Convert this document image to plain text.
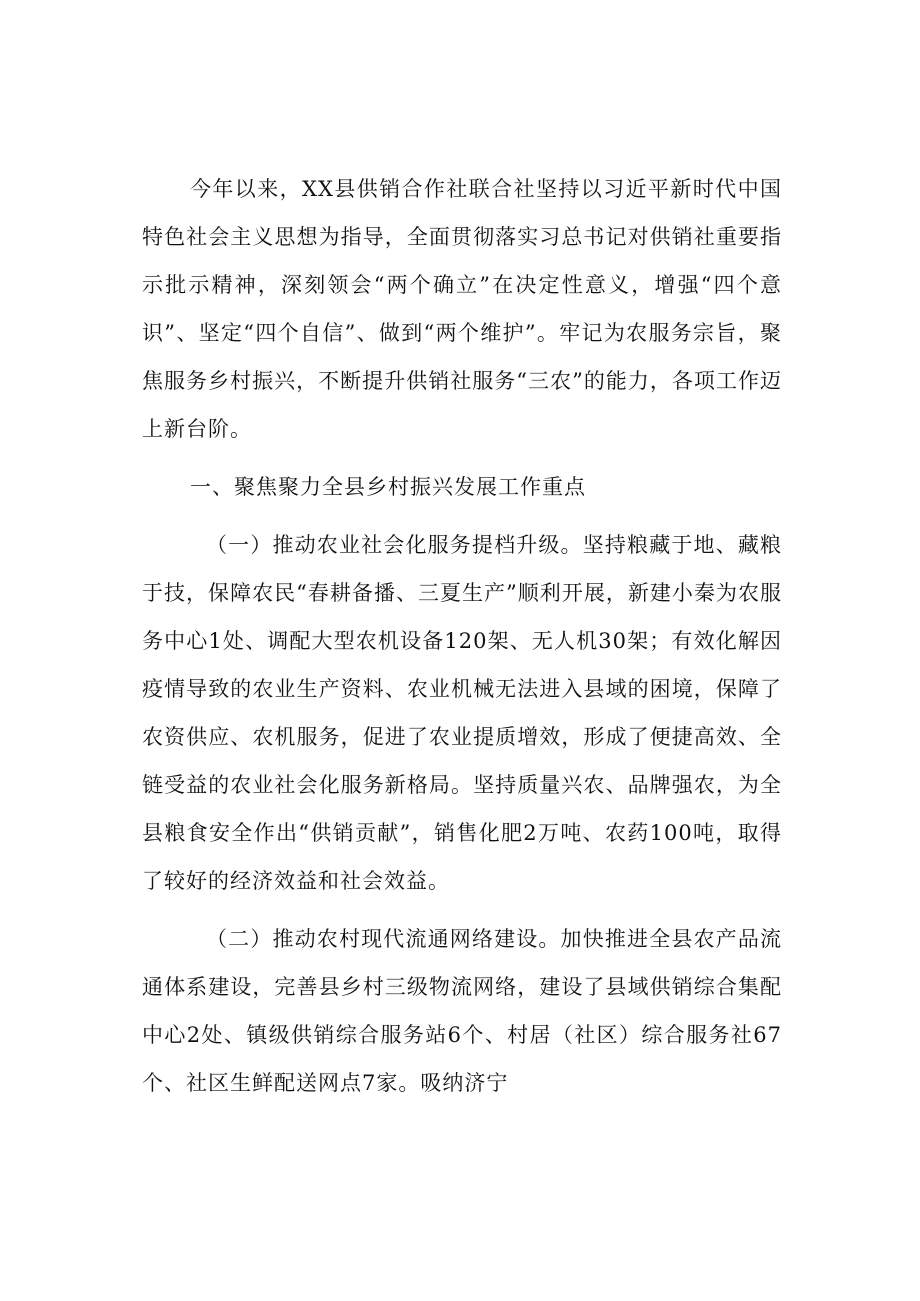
今年以来，XX县供销合作社联合社坚持以习近平新时代中国特色社会主义思想为指导，全面贯彻落实习总书记对供销社重要指示批示精神，深刻领会“两个确立”在决定性意义，增强“四个意识”、坚定“四个自信”、做到“两个维护”。牢记为农服务宗旨，聚焦服务乡村振兴，不断提升供销社服务“三农”的能力，各项工作迈上新台阶。

一、聚焦聚力全县乡村振兴发展工作重点

（一）推动农业社会化服务提档升级。坚持粮藏于地、藏粮于技，保障农民“春耕备播、三夏生产”顺利开展，新建小秦为农服务中心1处、调配大型农机设备120架、无人机30架；有效化解因疫情导致的农业生产资料、农业机械无法进入县域的困境，保障了农资供应、农机服务，促进了农业提质增效，形成了便捷高效、全链受益的农业社会化服务新格局。坚持质量兴农、品牌强农，为全县粮食安全作出“供销贡献”，销售化肥2万吨、农药100吨，取得了较好的经济效益和社会效益。

（二）推动农村现代流通网络建设。加快推进全县农产品流通体系建设，完善县乡村三级物流网络，建设了县域供销综合集配中心2处、镇级供销综合服务站6个、村居（社区）综合服务社67个、社区生鲜配送网点7家。吸纳济宁
